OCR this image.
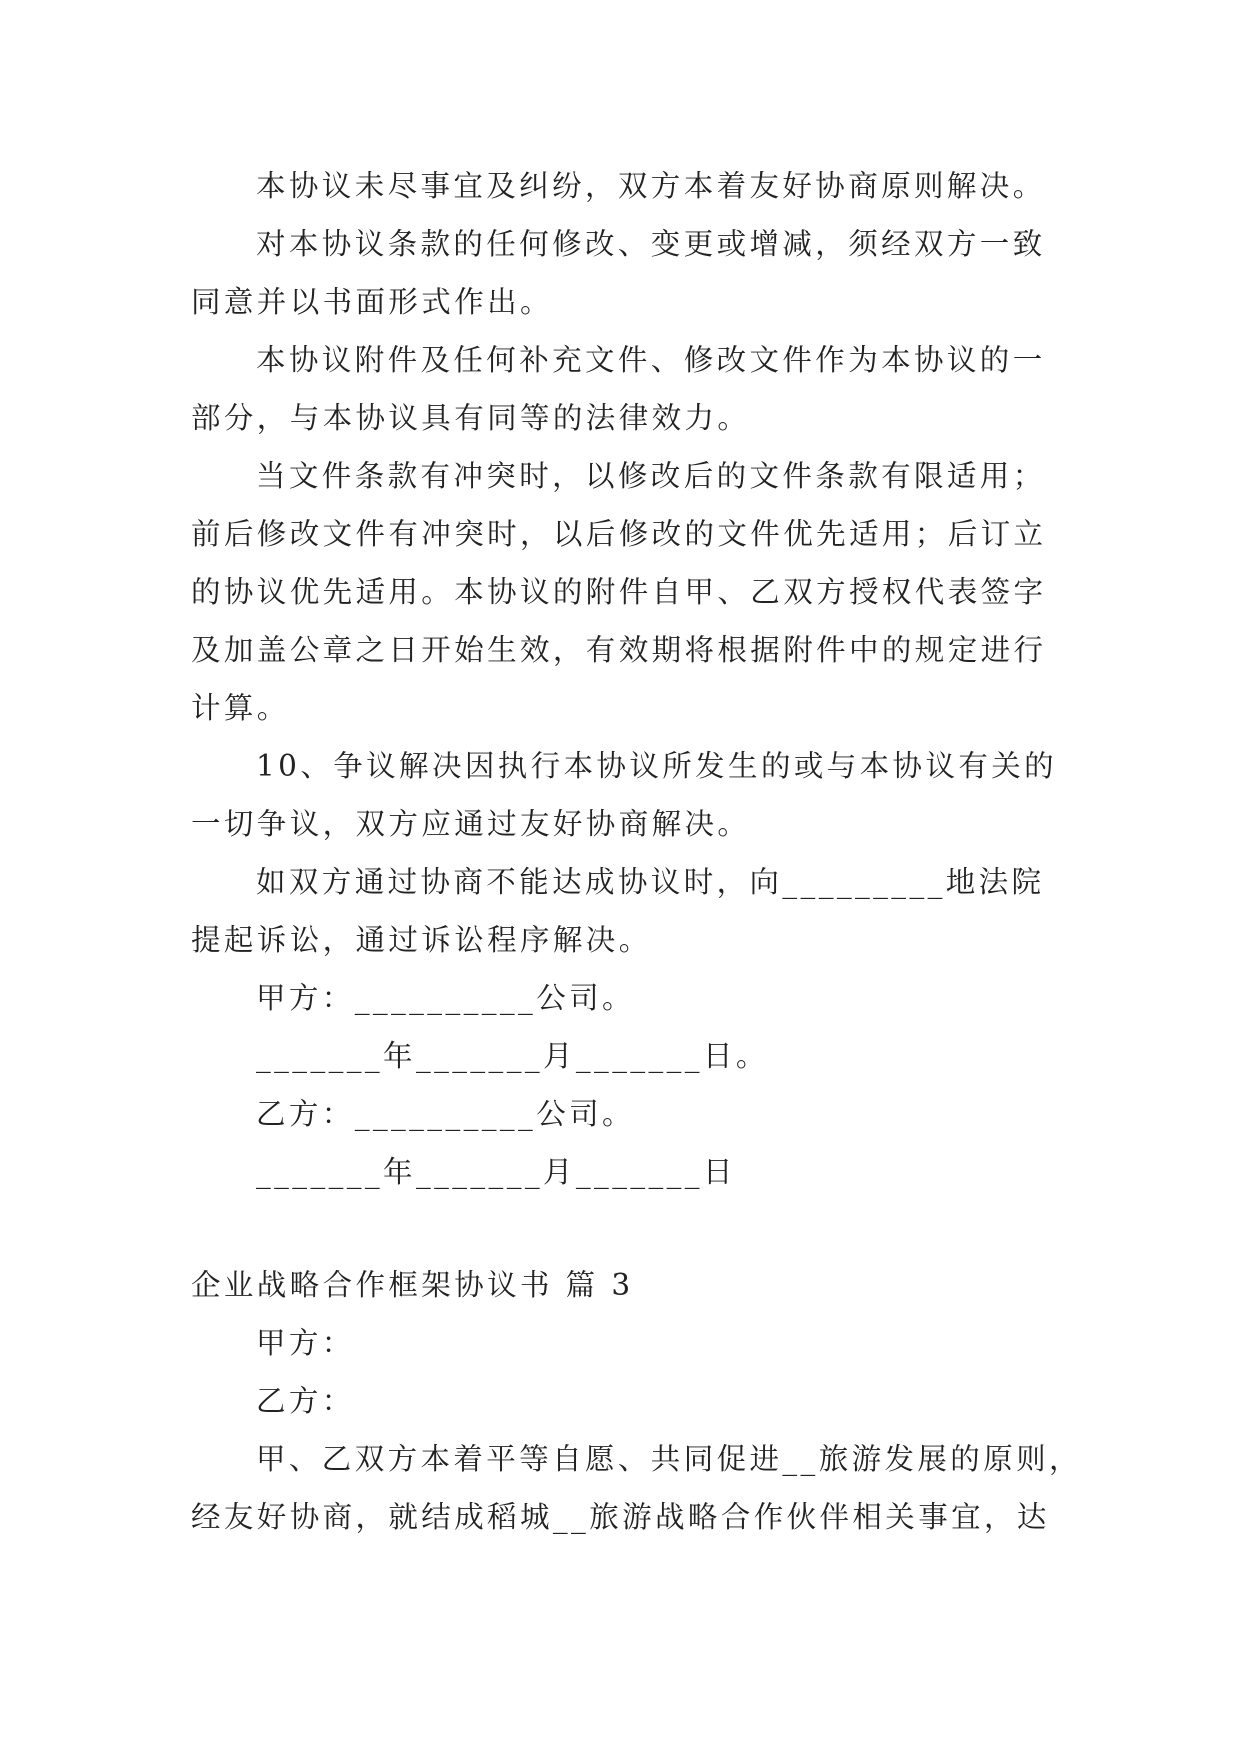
本协议未尽事宜及纠纷，双方本着友好协商原则解决。
对本协议条款的任何修改、变更或增减，须经双方一致
同意并以书面形式作出。
本协议附件及任何补充文件、修改文件作为本协议的一
部分，与本协议具有同等的法律效力。
当文件条款有冲突时，以修改后的文件条款有限适用；
前后修改文件有冲突时，以后修改的文件优先适用；后订立
的协议优先适用。本协议的附件自甲、乙双方授权代表签字
及加盖公章之日开始生效，有效期将根据附件中的规定进行
计算。
10、争议解决因执行本协议所发生的或与本协议有关的
一切争议，双方应通过友好协商解决。
如双方通过协商不能达成协议时，向_________地法院
提起诉讼，通过诉讼程序解决。
甲方：__________公司。
_______年_______月_______日。
乙方：__________公司。
_______年_______月_______日
企业战略合作框架协议书 篇 3
甲方：
乙方：
甲、乙双方本着平等自愿、共同促进__旅游发展的原则，
经友好协商，就结成稻城__旅游战略合作伙伴相关事宜，达
